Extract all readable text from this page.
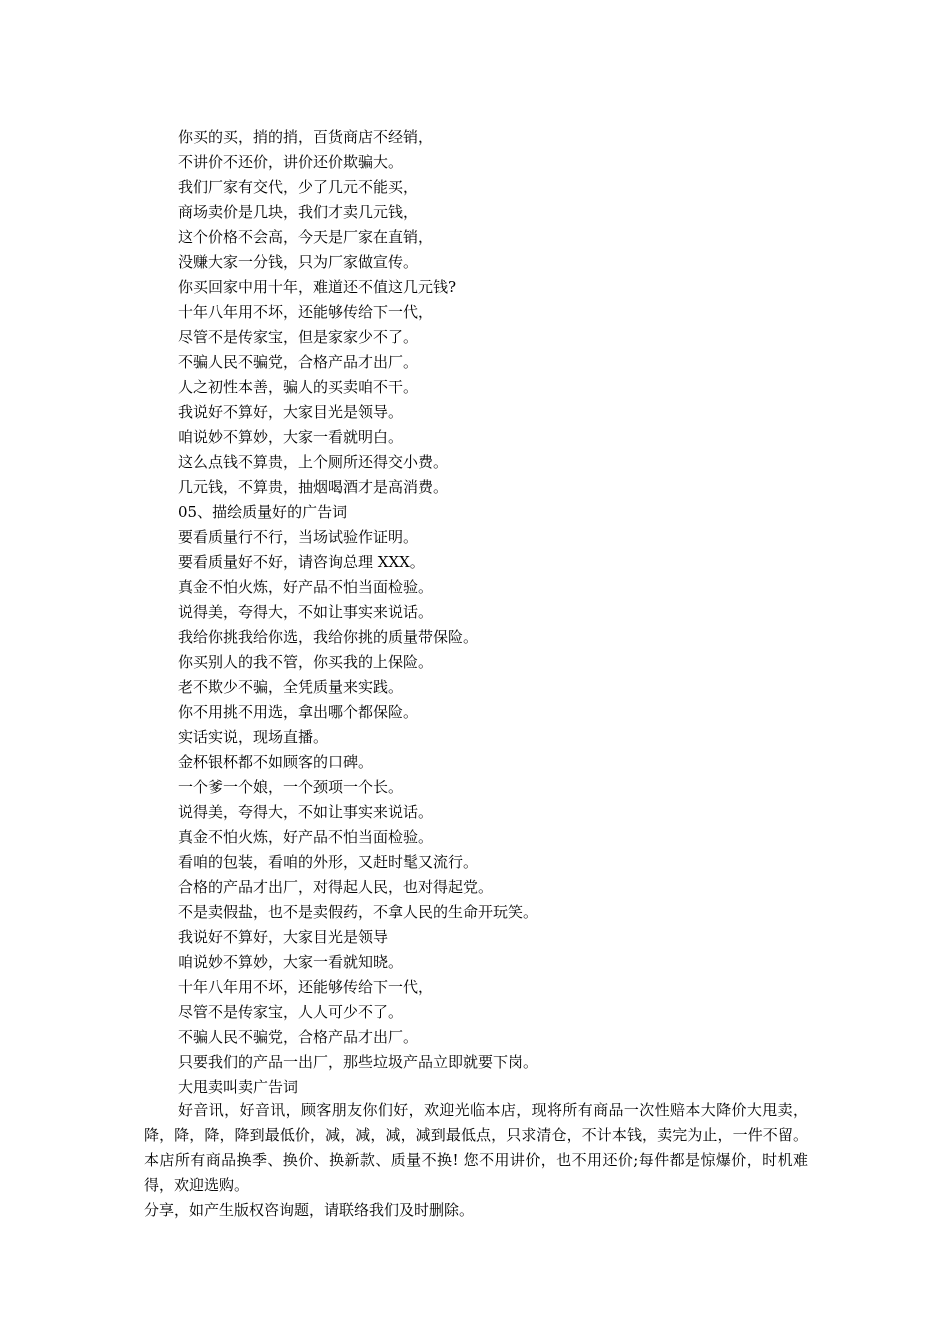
你买的买，捎的捎，百货商店不经销，
不讲价不还价，讲价还价欺骗大。
我们厂家有交代，少了几元不能买，
商场卖价是几块，我们才卖几元钱，
这个价格不会高，今天是厂家在直销，
没赚大家一分钱，只为厂家做宣传。
你买回家中用十年，难道还不值这几元钱?
十年八年用不坏，还能够传给下一代，
尽管不是传家宝，但是家家少不了。
不骗人民不骗党，合格产品才出厂。
人之初性本善，骗人的买卖咱不干。
我说好不算好，大家目光是领导。
咱说妙不算妙，大家一看就明白。
这么点钱不算贵，上个厕所还得交小费。
几元钱，不算贵，抽烟喝酒才是高消费。
05、描绘质量好的广告词
要看质量行不行，当场试验作证明。
要看质量好不好，请咨询总理 XXX。
真金不怕火炼，好产品不怕当面检验。
说得美，夸得大，不如让事实来说话。
我给你挑我给你选，我给你挑的质量带保险。
你买别人的我不管，你买我的上保险。
老不欺少不骗，全凭质量来实践。
你不用挑不用选，拿出哪个都保险。
实话实说，现场直播。
金杯银杯都不如顾客的口碑。
一个爹一个娘，一个颈项一个长。
说得美，夸得大，不如让事实来说话。
真金不怕火炼，好产品不怕当面检验。
看咱的包装，看咱的外形，又赶时髦又流行。
合格的产品才出厂，对得起人民，也对得起党。
不是卖假盐，也不是卖假药，不拿人民的生命开玩笑。
我说好不算好，大家目光是领导
咱说妙不算妙，大家一看就知晓。
十年八年用不坏，还能够传给下一代，
尽管不是传家宝，人人可少不了。
不骗人民不骗党，合格产品才出厂。
只要我们的产品一出厂，那些垃圾产品立即就要下岗。
大甩卖叫卖广告词

好音讯，好音讯，顾客朋友你们好，欢迎光临本店，现将所有商品一次性赔本大降价大甩卖，降，降，降，降到最低价，减，减，减，减到最低点，只求清仓，不计本钱，卖完为止，一件不留。本店所有商品换季、换价、换新款、质量不换! 您不用讲价，也不用还价;每件都是惊爆价，时机难得，欢迎选购。

分享，如产生版权咨询题，请联络我们及时删除。
